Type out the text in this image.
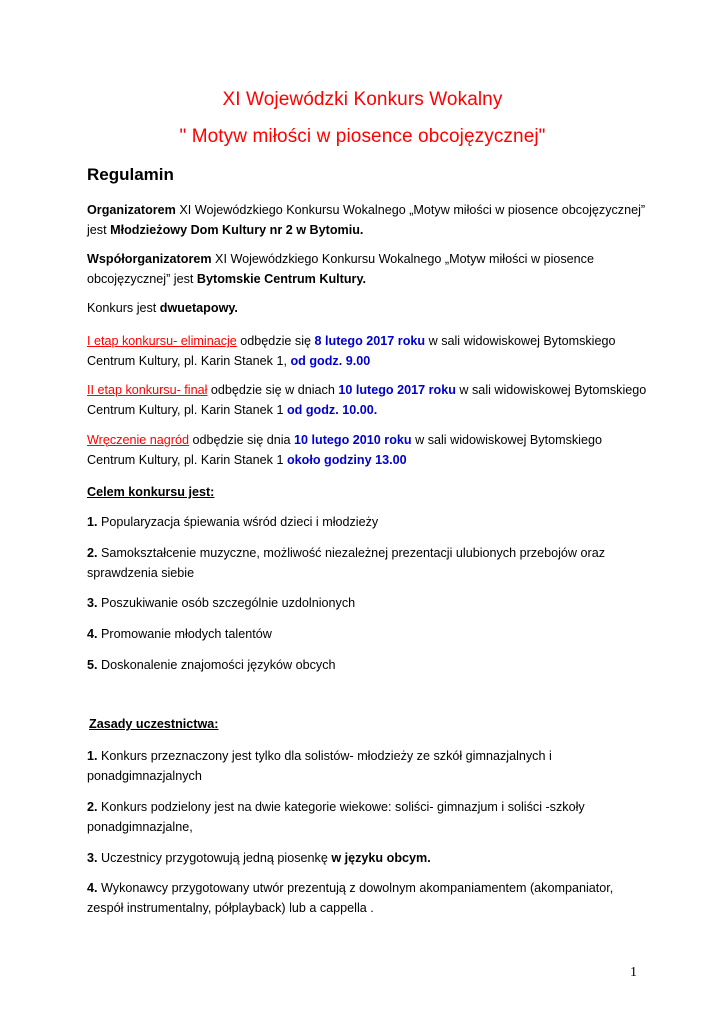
XI Wojewódzki Konkurs Wokalny
" Motyw miłości w piosence obcojęzycznej"
Regulamin
Organizatorem XI Wojewódzkiego Konkursu Wokalnego „Motyw miłości w piosence obcojęzycznej”
jest Młodzieżowy Dom Kultury nr 2 w Bytomiu.
Współorganizatorem XI Wojewódzkiego Konkursu Wokalnego „Motyw miłości w piosence
obcojęzycznej” jest Bytomskie Centrum Kultury.
Konkurs jest dwuetapowy.
I etap konkursu- eliminacje odbędzie się 8 lutego 2017 roku w sali widowiskowej Bytomskiego
Centrum Kultury, pl. Karin Stanek 1, od godz. 9.00
II etap konkursu- finał odbędzie się w dniach 10 lutego 2017 roku w sali widowiskowej Bytomskiego
Centrum Kultury, pl. Karin Stanek 1 od godz. 10.00.
Wręczenie nagród odbędzie się dnia 10 lutego 2010 roku w sali widowiskowej Bytomskiego
Centrum Kultury, pl. Karin Stanek 1 około godziny 13.00
Celem konkursu jest:
1. Popularyzacja śpiewania wśród dzieci i młodzieży
2. Samokształcenie muzyczne, możliwość niezależnej prezentacji ulubionych przebojów oraz
sprawdzenia siebie
3. Poszukiwanie osób szczególnie uzdolnionych
4. Promowanie młodych talentów
5. Doskonalenie znajomości języków obcych
Zasady uczestnictwa:
1. Konkurs przeznaczony jest tylko dla solistów- młodzieży ze szkół gimnazjalnych i
ponadgimnazjalnych
2. Konkurs podzielony jest na dwie kategorie wiekowe: soliści- gimnazjum i soliści -szkoły
ponadgimnazjalne,
3. Uczestnicy przygotowują jedną piosenkę w języku obcym.
4. Wykonawcy przygotowany utwór prezentują z dowolnym akompaniamentem (akompaniator,
zespół instrumentalny, półplayback) lub a cappella .
1
